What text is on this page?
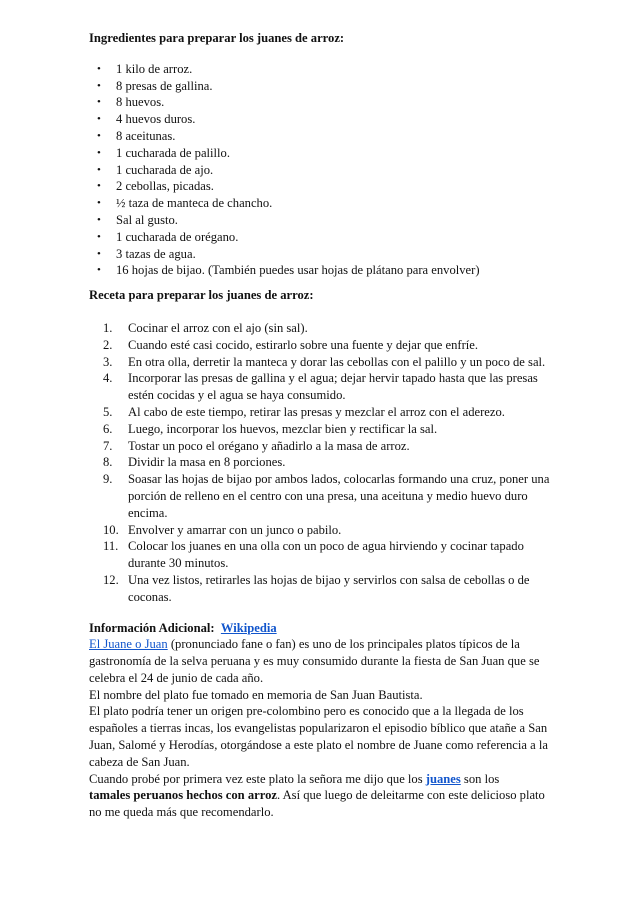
Ingredientes para preparar los juanes de arroz:
• 1 kilo de arroz.
• 8 presas de gallina.
• 8 huevos.
• 4 huevos duros.
• 8 aceitunas.
• 1 cucharada de palillo.
• 1 cucharada de ajo.
• 2 cebollas, picadas.
• ½ taza de manteca de chancho.
• Sal al gusto.
• 1 cucharada de orégano.
• 3 tazas de agua.
• 16 hojas de bijao. (También puedes usar hojas de plátano para envolver)
Receta para preparar los juanes de arroz:
1. Cocinar el arroz con el ajo (sin sal).
2. Cuando esté casi cocido, estirarlo sobre una fuente y dejar que enfríe.
3. En otra olla, derretir la manteca y dorar las cebollas con el palillo y un poco de sal.
4. Incorporar las presas de gallina y el agua; dejar hervir tapado hasta que las presas estén cocidas y el agua se haya consumido.
5. Al cabo de este tiempo, retirar las presas y mezclar el arroz con el aderezo.
6. Luego, incorporar los huevos, mezclar bien y rectificar la sal.
7. Tostar un poco el orégano y añadirlo a la masa de arroz.
8. Dividir la masa en 8 porciones.
9. Soasar las hojas de bijao por ambos lados, colocarlas formando una cruz, poner una porción de relleno en el centro con una presa, una aceituna y medio huevo duro encima.
10. Envolver y amarrar con un junco o pabilo.
11. Colocar los juanes en una olla con un poco de agua hirviendo y cocinar tapado durante 30 minutos.
12. Una vez listos, retirarles las hojas de bijao y servirlos con salsa de cebollas o de coconas.

Información Adicional: Wikipedia

El Juane o Juan (pronunciado fane o fan) es uno de los principales platos típicos de la gastronomía de la selva peruana y es muy consumido durante la fiesta de San Juan que se celebra el 24 de junio de cada año.

El nombre del plato fue tomado en memoria de San Juan Bautista.

El plato podría tener un origen pre-colombino pero es conocido que a la llegada de los españoles a tierras incas, los evangelistas popularizaron el episodio bíblico que atañe a San Juan, Salomé y Herodías, otorgándose a este plato el nombre de Juane como referencia a la cabeza de San Juan.

Cuando probé por primera vez este plato la señora me dijo que los juanes son los
tamales peruanos hechos con arroz. Así que luego de deleitarme con este delicioso plato no me queda más que recomendarlo.
